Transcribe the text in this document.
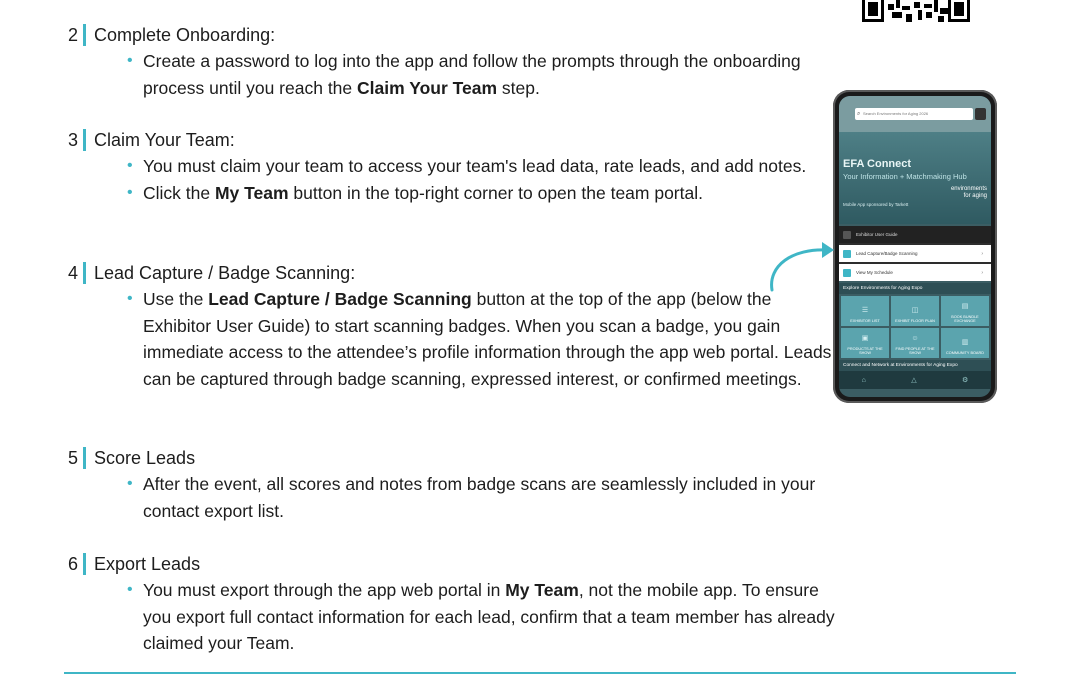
2 Complete Onboarding:
• Create a password to log into the app and follow the prompts through the onboarding process until you reach the Claim Your Team step.
3 Claim Your Team:
• You must claim your team to access your team's lead data, rate leads, and add notes.
• Click the My Team button in the top-right corner to open the team portal.
4 Lead Capture / Badge Scanning:
• Use the Lead Capture / Badge Scanning button at the top of the app (below the Exhibitor User Guide) to start scanning badges. When you scan a badge, you gain immediate access to the attendee’s profile information through the app web portal. Leads can be captured through badge scanning, expressed interest, or confirmed meetings.
5 Score Leads
• After the event, all scores and notes from badge scans are seamlessly included in your contact export list.
6 Export Leads
• You must export through the app web portal in My Team, not the mobile app. To ensure you export full contact information for each lead, confirm that a team member has already claimed your Team.
⌕ Search Environments for Aging 2026
EFA Connect
Your Information + Matchmaking Hub
environments
for aging
Mobile App sponsored by Tarkett
Exhibitor User Guide
Lead Capture/Badge Scanning	›
View My Schedule	›
Explore Environments for Aging Expo
☰
EXHIBITOR LIST
◫
EXHIBIT FLOOR PLAN
▤
BOOK BUNDLE EXCHANGE
▣
PRODUCTS AT THE SHOW
☺
FIND PEOPLE AT THE SHOW
▥
COMMUNITY BOARD
Connect and Network at Environments for Aging Expo
⌂	△	⚙
